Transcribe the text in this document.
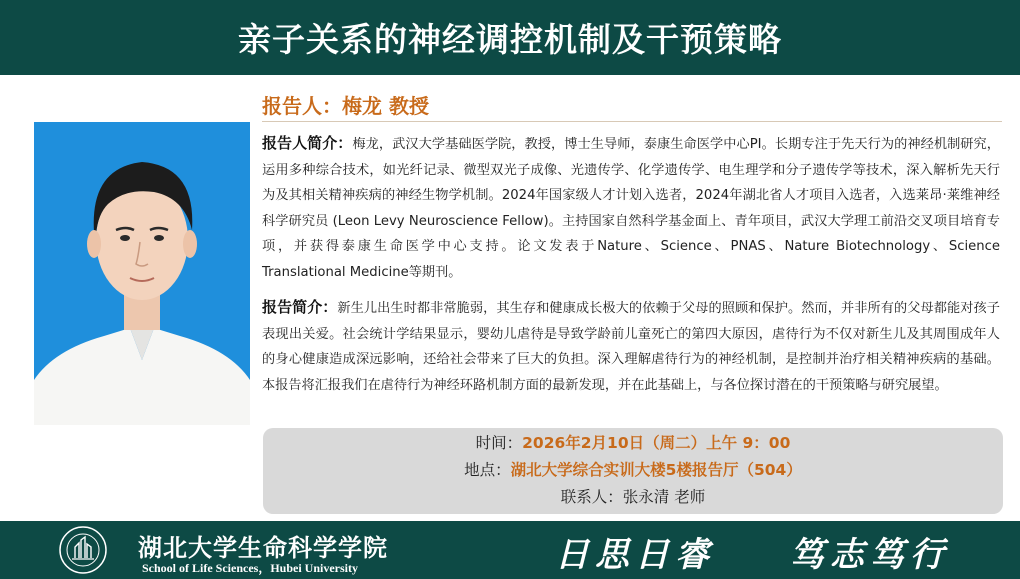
亲子关系的神经调控机制及干预策略
报告人：梅龙 教授
报告人简介：梅龙，武汉大学基础医学院，教授，博士生导师，泰康生命医学中心PI。长期专注于先天行为的神经机制研究，运用多种综合技术，如光纤记录、微型双光子成像、光遗传学、化学遗传学、电生理学和分子遗传学等技术，深入解析先天行为及其相关精神疾病的神经生物学机制。2024年国家级人才计划入选者，2024年湖北省人才项目入选者，入选莱昂·莱维神经科学研究员 (Leon Levy Neuroscience Fellow)。主持国家自然科学基金面上、青年项目，武汉大学理工前沿交叉项目培育专项，并获得泰康生命医学中心支持。论文发表于Nature、Science、PNAS、Nature Biotechnology、Science Translational Medicine等期刊。
报告简介：新生儿出生时都非常脆弱，其生存和健康成长极大的依赖于父母的照顾和保护。然而，并非所有的父母都能对孩子表现出关爱。社会统计学结果显示，婴幼儿虐待是导致学龄前儿童死亡的第四大原因，虐待行为不仅对新生儿及其周围成年人的身心健康造成深远影响，还给社会带来了巨大的负担。深入理解虐待行为的神经机制，是控制并治疗相关精神疾病的基础。本报告将汇报我们在虐待行为神经环路机制方面的最新发现，并在此基础上，与各位探讨潜在的干预策略与研究展望。
时间：2026年2月10日（周二）上午 9：00
地点：湖北大学综合实训大楼5楼报告厅（504）
联系人：张永清 老师
湖北大学生命科学学院
School of Life Sciences，Hubei University	日思日睿 笃志笃行
